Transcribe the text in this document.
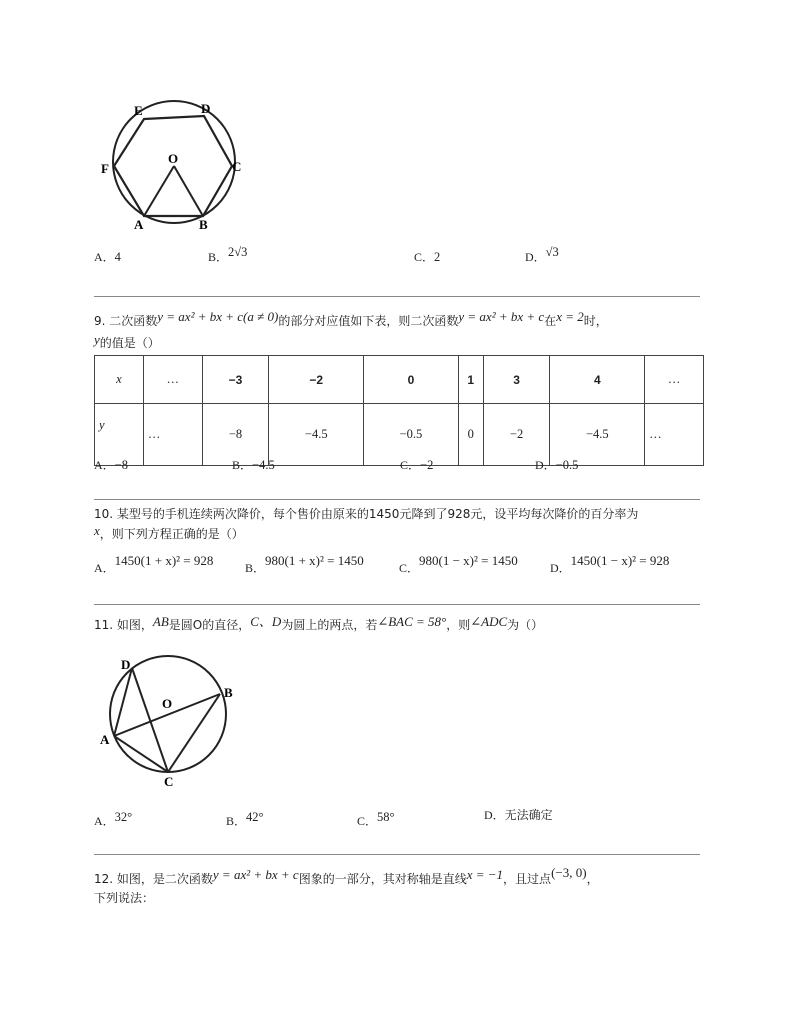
E	D
F
O
C
A	B
A．4	B．2√3	C．2	D．√3
9. 二次函数y = ax² + bx + c(a ≠ 0)的部分对应值如下表，则二次函数y = ax² + bx + c在x = 2时，
y的值是（）
x	…	−3	−2	0	1	3	4	…
y	…	−8	−4.5	−0.5	0	−2	−4.5	…
A．−8	B．−4.5	C．−2	D．−0.5
10. 某型号的手机连续两次降价，每个售价由原来的1450元降到了928元，设平均每次降价的百分率为
x，则下列方程正确的是（）
A．1450(1 + x)² = 928	B．980(1 + x)² = 1450	C．980(1 − x)² = 1450	D．1450(1 − x)² = 928
11. 如图，AB是圆O的直径，C、D为圆上的两点，若∠BAC = 58°，则∠ADC为（）
D
O
B
A
C
A．32°	B．42°	C．58°	D．无法确定
12. 如图，是二次函数y = ax² + bx + c图象的一部分，其对称轴是直线x = −1，且过点(−3, 0)，
下列说法：
